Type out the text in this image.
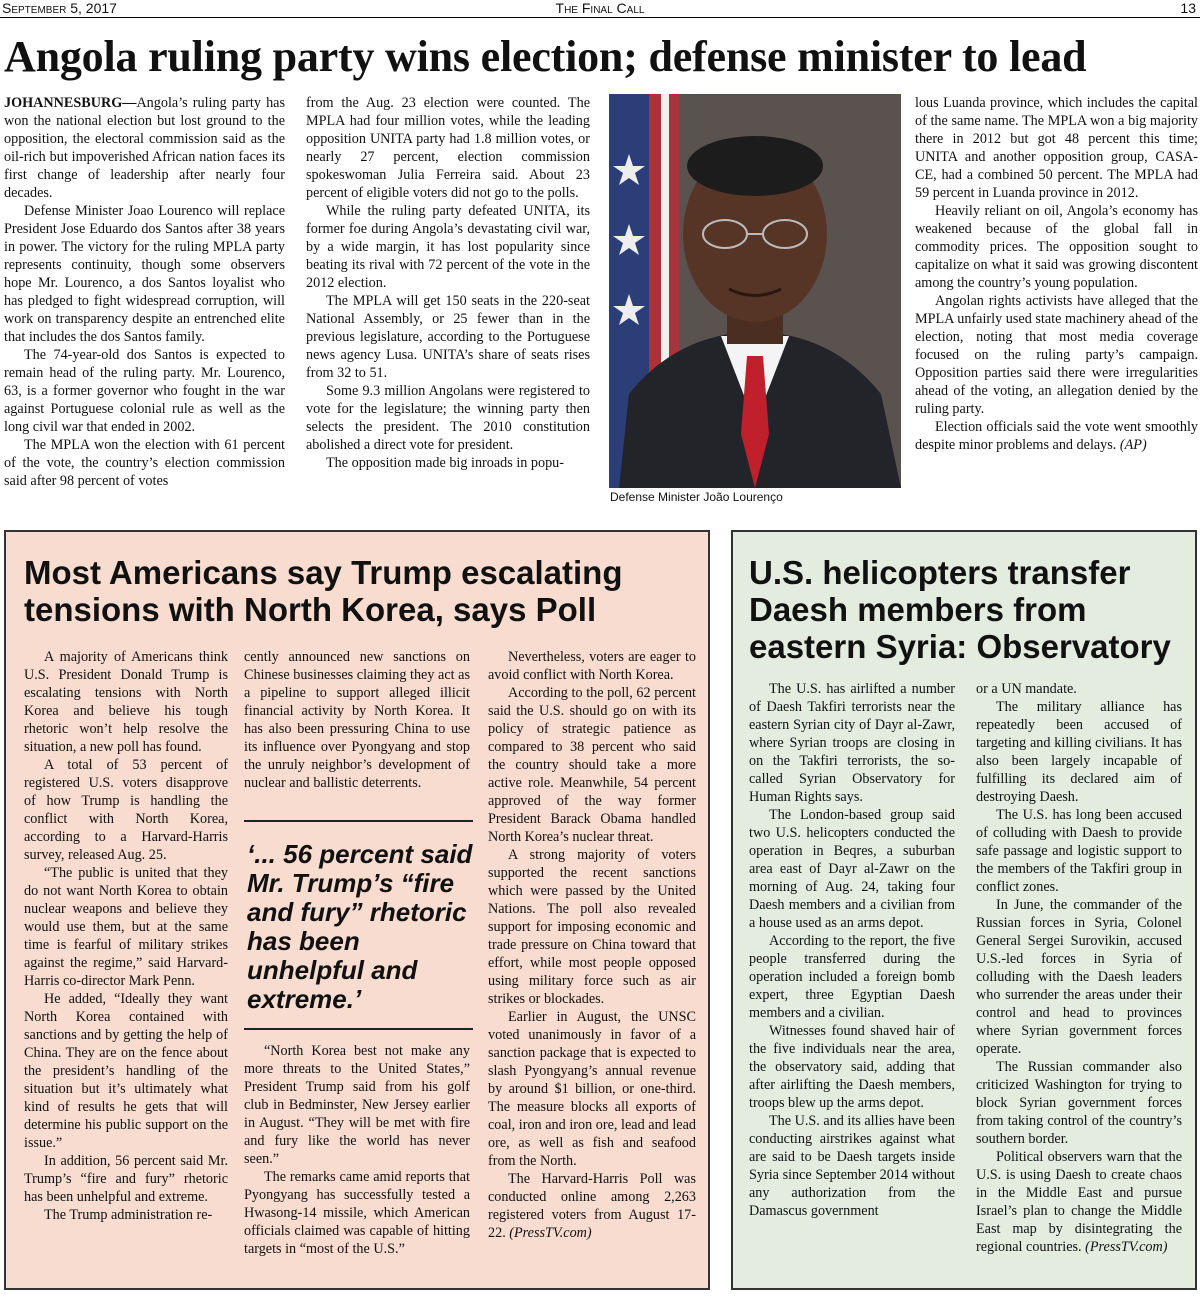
September 5, 2017	The Final Call	13
Angola ruling party wins election; defense minister to lead

JOHANNESBURG—Angola’s ruling party has won the national election but lost ground to the opposition, the electoral commission said as the oil-rich but impoverished African nation faces its first change of leadership after nearly four decades.

Defense Minister Joao Lourenco will replace President Jose Eduardo dos Santos after 38 years in power. The victory for the ruling MPLA party represents continuity, though some observers hope Mr. Lourenco, a dos Santos loyalist who has pledged to fight widespread corruption, will work on transparency despite an entrenched elite that includes the dos Santos family.

The 74-year-old dos Santos is expected to remain head of the ruling party. Mr. Lourenco, 63, is a former governor who fought in the war against Portuguese colonial rule as well as the long civil war that ended in 2002.

The MPLA won the election with 61 percent of the vote, the country’s election commission said after 98 percent of votes

from the Aug. 23 election were counted. The MPLA had four million votes, while the leading opposition UNITA party had 1.8 million votes, or nearly 27 percent, election commission spokeswoman Julia Ferreira said. About 23 percent of eligible voters did not go to the polls.

While the ruling party defeated UNITA, its former foe during Angola’s devastating civil war, by a wide margin, it has lost popularity since beating its rival with 72 percent of the vote in the 2012 election.

The MPLA will get 150 seats in the 220-seat National Assembly, or 25 fewer than in the previous legislature, according to the Portuguese news agency Lusa. UNITA’s share of seats rises from 32 to 51.

Some 9.3 million Angolans were registered to vote for the legislature; the winning party then selects the president. The 2010 constitution abolished a direct vote for president.

The opposition made big inroads in popu-

Defense Minister João Lourenço

lous Luanda province, which includes the capital of the same name. The MPLA won a big majority there in 2012 but got 48 percent this time; UNITA and another opposition group, CASA-CE, had a combined 50 percent. The MPLA had 59 percent in Luanda province in 2012.

Heavily reliant on oil, Angola’s economy has weakened because of the global fall in commodity prices. The opposition sought to capitalize on what it said was growing discontent among the country’s young population.

Angolan rights activists have alleged that the MPLA unfairly used state machinery ahead of the election, noting that most media coverage focused on the ruling party’s campaign. Opposition parties said there were irregularities ahead of the voting, an allegation denied by the ruling party.

Election officials said the vote went smoothly despite minor problems and delays. (AP)

Most Americans say Trump escalating tensions with North Korea, says Poll

A majority of Americans think U.S. President Donald Trump is escalating tensions with North Korea and believe his tough rhetoric won’t help resolve the situation, a new poll has found.

A total of 53 percent of registered U.S. voters disapprove of how Trump is handling the conflict with North Korea, according to a Harvard-Harris survey, released Aug. 25.

“The public is united that they do not want North Korea to obtain nuclear weapons and believe they would use them, but at the same time is fearful of military strikes against the regime,” said Harvard-Harris co-director Mark Penn.

He added, “Ideally they want North Korea contained with sanctions and by getting the help of China. They are on the fence about the president’s handling of the situation but it’s ultimately what kind of results he gets that will determine his public support on the issue.”

In addition, 56 percent said Mr. Trump’s “fire and fury” rhetoric has been unhelpful and extreme.

The Trump administration re-

cently announced new sanctions on Chinese businesses claiming they act as a pipeline to support alleged illicit financial activity by North Korea. It has also been pressuring China to use its influence over Pyongyang and stop the unruly neighbor’s development of nuclear and ballistic deterrents.

‘... 56 percent said Mr. Trump’s “fire and fury” rhetoric has been unhelpful and extreme.’

“North Korea best not make any more threats to the United States,” President Trump said from his golf club in Bedminster, New Jersey earlier in August. “They will be met with fire and fury like the world has never seen.”

The remarks came amid reports that Pyongyang has successfully tested a Hwasong-14 missile, which American officials claimed was capable of hitting targets in “most of the U.S.”

Nevertheless, voters are eager to avoid conflict with North Korea.

According to the poll, 62 percent said the U.S. should go on with its policy of strategic patience as compared to 38 percent who said the country should take a more active role. Meanwhile, 54 percent approved of the way former President Barack Obama handled North Korea’s nuclear threat.

A strong majority of voters supported the recent sanctions which were passed by the United Nations. The poll also revealed support for imposing economic and trade pressure on China toward that effort, while most people opposed using military force such as air strikes or blockades.

Earlier in August, the UNSC voted unanimously in favor of a sanction package that is expected to slash Pyongyang’s annual revenue by around $1 billion, or one-third. The measure blocks all exports of coal, iron and iron ore, lead and lead ore, as well as fish and seafood from the North.

The Harvard-Harris Poll was conducted online among 2,263 registered voters from August 17-22. (PressTV.com)

U.S. helicopters transfer Daesh members from eastern Syria: Observatory

The U.S. has airlifted a number of Daesh Takfiri terrorists near the eastern Syrian city of Dayr al-Zawr, where Syrian troops are closing in on the Takfiri terrorists, the so-called Syrian Observatory for Human Rights says.

The London-based group said two U.S. helicopters conducted the operation in Beqres, a suburban area east of Dayr al-Zawr on the morning of Aug. 24, taking four Daesh members and a civilian from a house used as an arms depot.

According to the report, the five people transferred during the operation included a foreign bomb expert, three Egyptian Daesh members and a civilian.

Witnesses found shaved hair of the five individuals near the area, the observatory said, adding that after airlifting the Daesh members, troops blew up the arms depot.

The U.S. and its allies have been conducting airstrikes against what are said to be Daesh targets inside Syria since September 2014 without any authorization from the Damascus government

or a UN mandate.

The military alliance has repeatedly been accused of targeting and killing civilians. It has also been largely incapable of fulfilling its declared aim of destroying Daesh.

The U.S. has long been accused of colluding with Daesh to provide safe passage and logistic support to the members of the Takfiri group in conflict zones.

In June, the commander of the Russian forces in Syria, Colonel General Sergei Surovikin, accused U.S.-led forces in Syria of colluding with the Daesh leaders who surrender the areas under their control and head to provinces where Syrian government forces operate.

The Russian commander also criticized Washington for trying to block Syrian government forces from taking control of the country’s southern border.

Political observers warn that the U.S. is using Daesh to create chaos in the Middle East and pursue Israel’s plan to change the Middle East map by disintegrating the regional countries. (PressTV.com)
